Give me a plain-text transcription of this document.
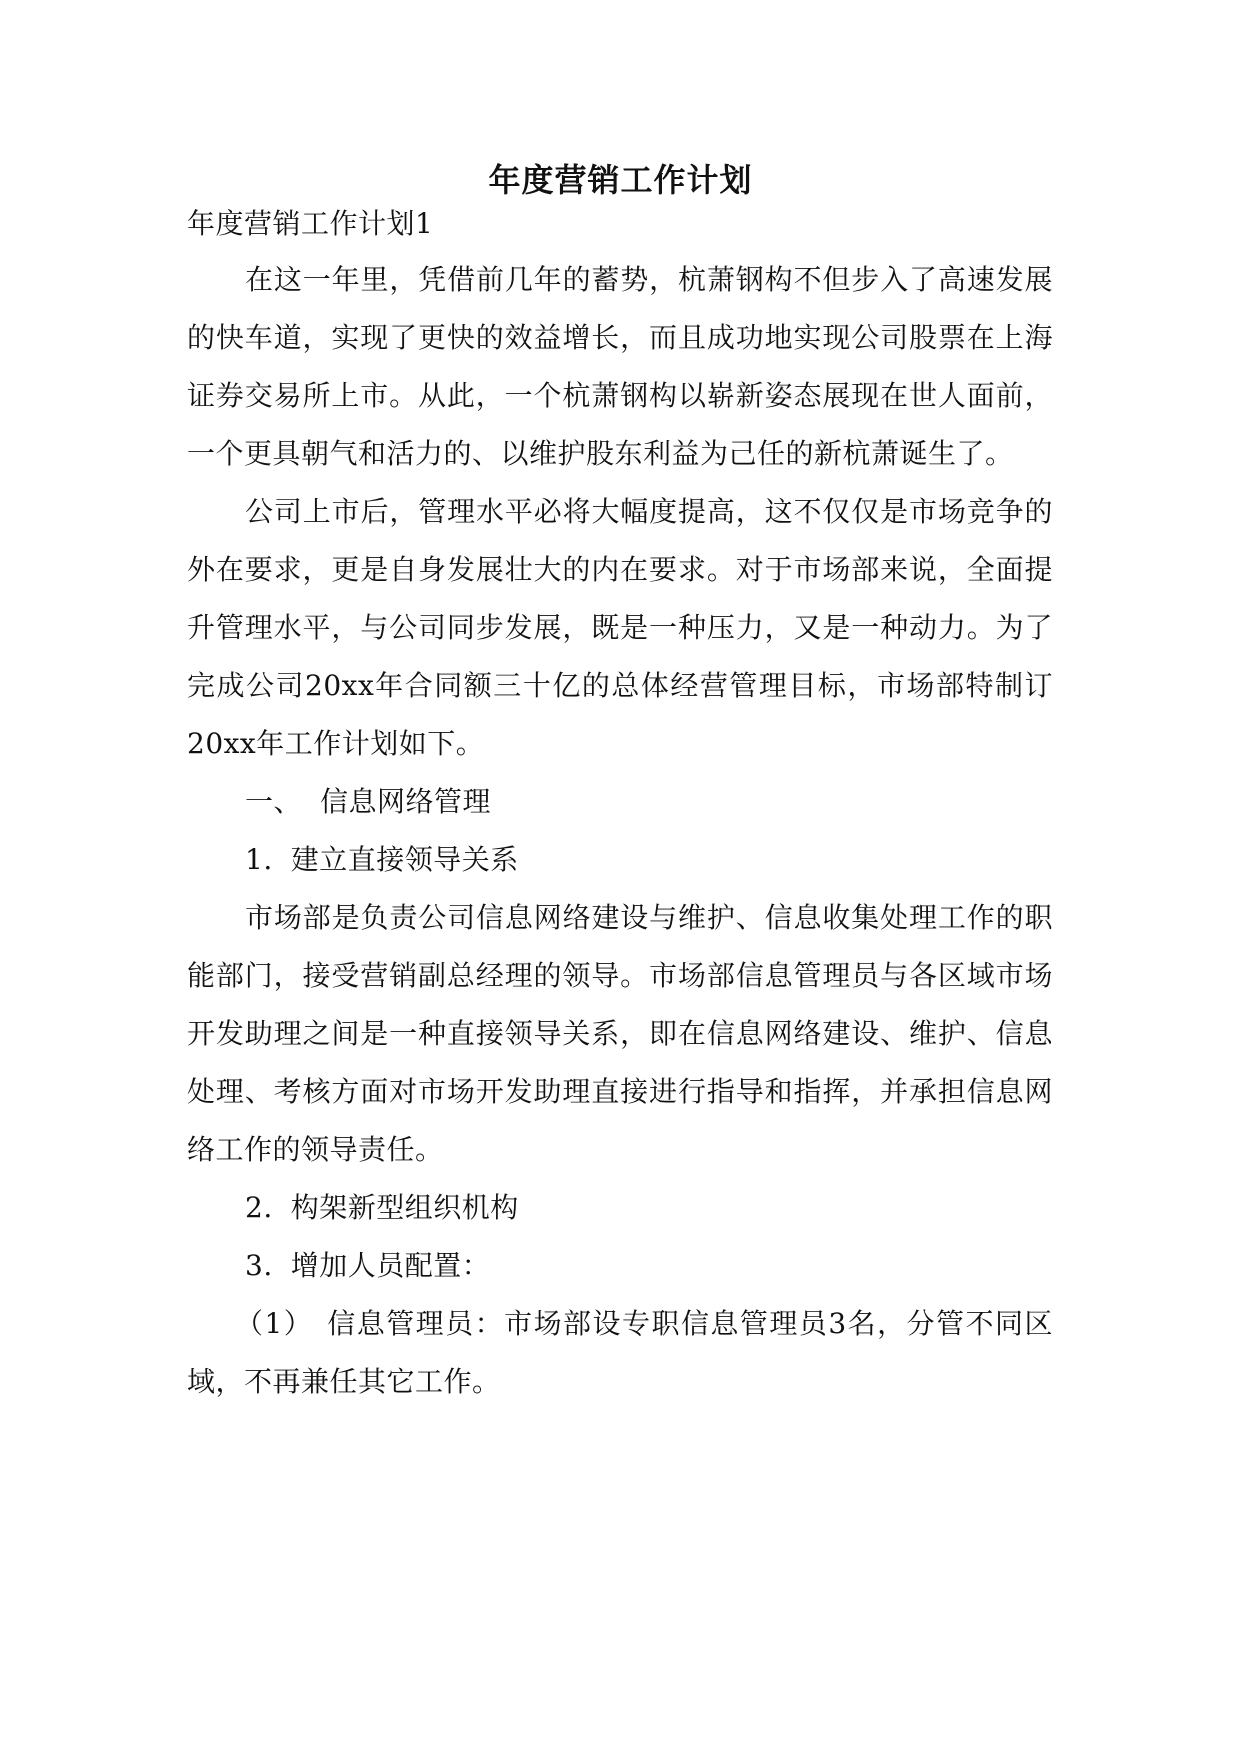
年度营销工作计划
年度营销工作计划1
在这一年里，凭借前几年的蓄势，杭萧钢构不但步入了高速发展
的快车道，实现了更快的效益增长，而且成功地实现公司股票在上海
证券交易所上市。从此，一个杭萧钢构以崭新姿态展现在世人面前，
一个更具朝气和活力的、以维护股东利益为己任的新杭萧诞生了。
公司上市后，管理水平必将大幅度提高，这不仅仅是市场竞争的
外在要求，更是自身发展壮大的内在要求。对于市场部来说，全面提
升管理水平，与公司同步发展，既是一种压力，又是一种动力。为了
完成公司20xx年合同额三十亿的总体经营管理目标，市场部特制订
20xx年工作计划如下。
一、 信息网络管理
1. 建立直接领导关系
市场部是负责公司信息网络建设与维护、信息收集处理工作的职
能部门，接受营销副总经理的领导。市场部信息管理员与各区域市场
开发助理之间是一种直接领导关系，即在信息网络建设、维护、信息
处理、考核方面对市场开发助理直接进行指导和指挥，并承担信息网
络工作的领导责任。
2. 构架新型组织机构
3. 增加人员配置：
（1） 信息管理员：市场部设专职信息管理员3名，分管不同区
域，不再兼任其它工作。
